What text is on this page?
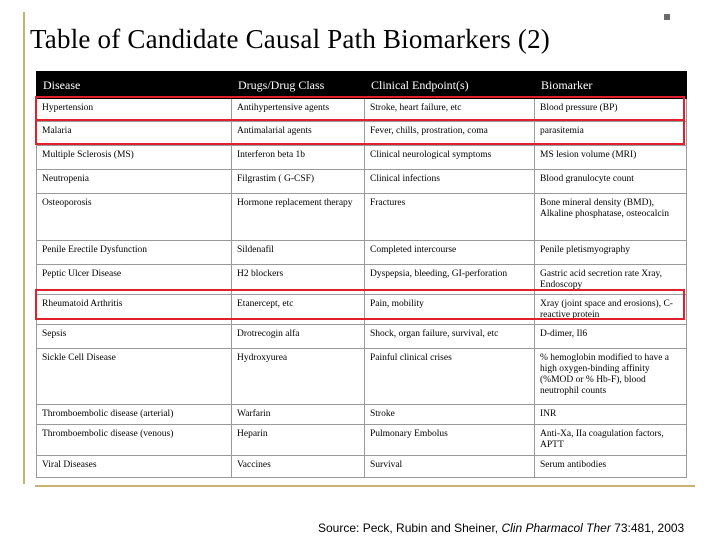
Table of Candidate Causal Path Biomarkers (2)
Disease	Drugs/Drug Class	Clinical Endpoint(s)	Biomarker
Hypertension	Antihypertensive agents	Stroke, heart failure, etc	Blood pressure (BP)
Malaria	Antimalarial agents	Fever, chills, prostration, coma	parasitemia
Multiple Sclerosis (MS)	Interferon beta 1b	Clinical neurological symptoms	MS lesion volume (MRI)
Neutropenia	Filgrastim ( G-CSF)	Clinical infections	Blood granulocyte count
Osteoporosis	Hormone replacement therapy	Fractures	Bone mineral density (BMD), Alkaline phosphatase, osteocalcin
Penile Erectile Dysfunction	Sildenafil	Completed intercourse	Penile pletismyography
Peptic Ulcer Disease	H2 blockers	Dyspepsia, bleeding, GI-perforation	Gastric acid secretion rate Xray, Endoscopy
Rheumatoid Arthritis	Etanercept, etc	Pain, mobility	Xray (joint space and erosions), C-reactive protein
Sepsis	Drotrecogin alfa	Shock, organ failure, survival, etc	D-dimer, Il6
Sickle Cell Disease	Hydroxyurea	Painful clinical crises	% hemoglobin modified to have a high oxygen-binding affinity (%MOD or % Hb-F), blood neutrophil counts
Thromboembolic disease (arterial)	Warfarin	Stroke	INR
Thromboembolic disease (venous)	Heparin	Pulmonary Embolus	Anti-Xa, IIa coagulation factors, APTT
Viral Diseases	Vaccines	Survival	Serum antibodies

Source: Peck, Rubin and Sheiner, Clin Pharmacol Ther 73:481, 2003
